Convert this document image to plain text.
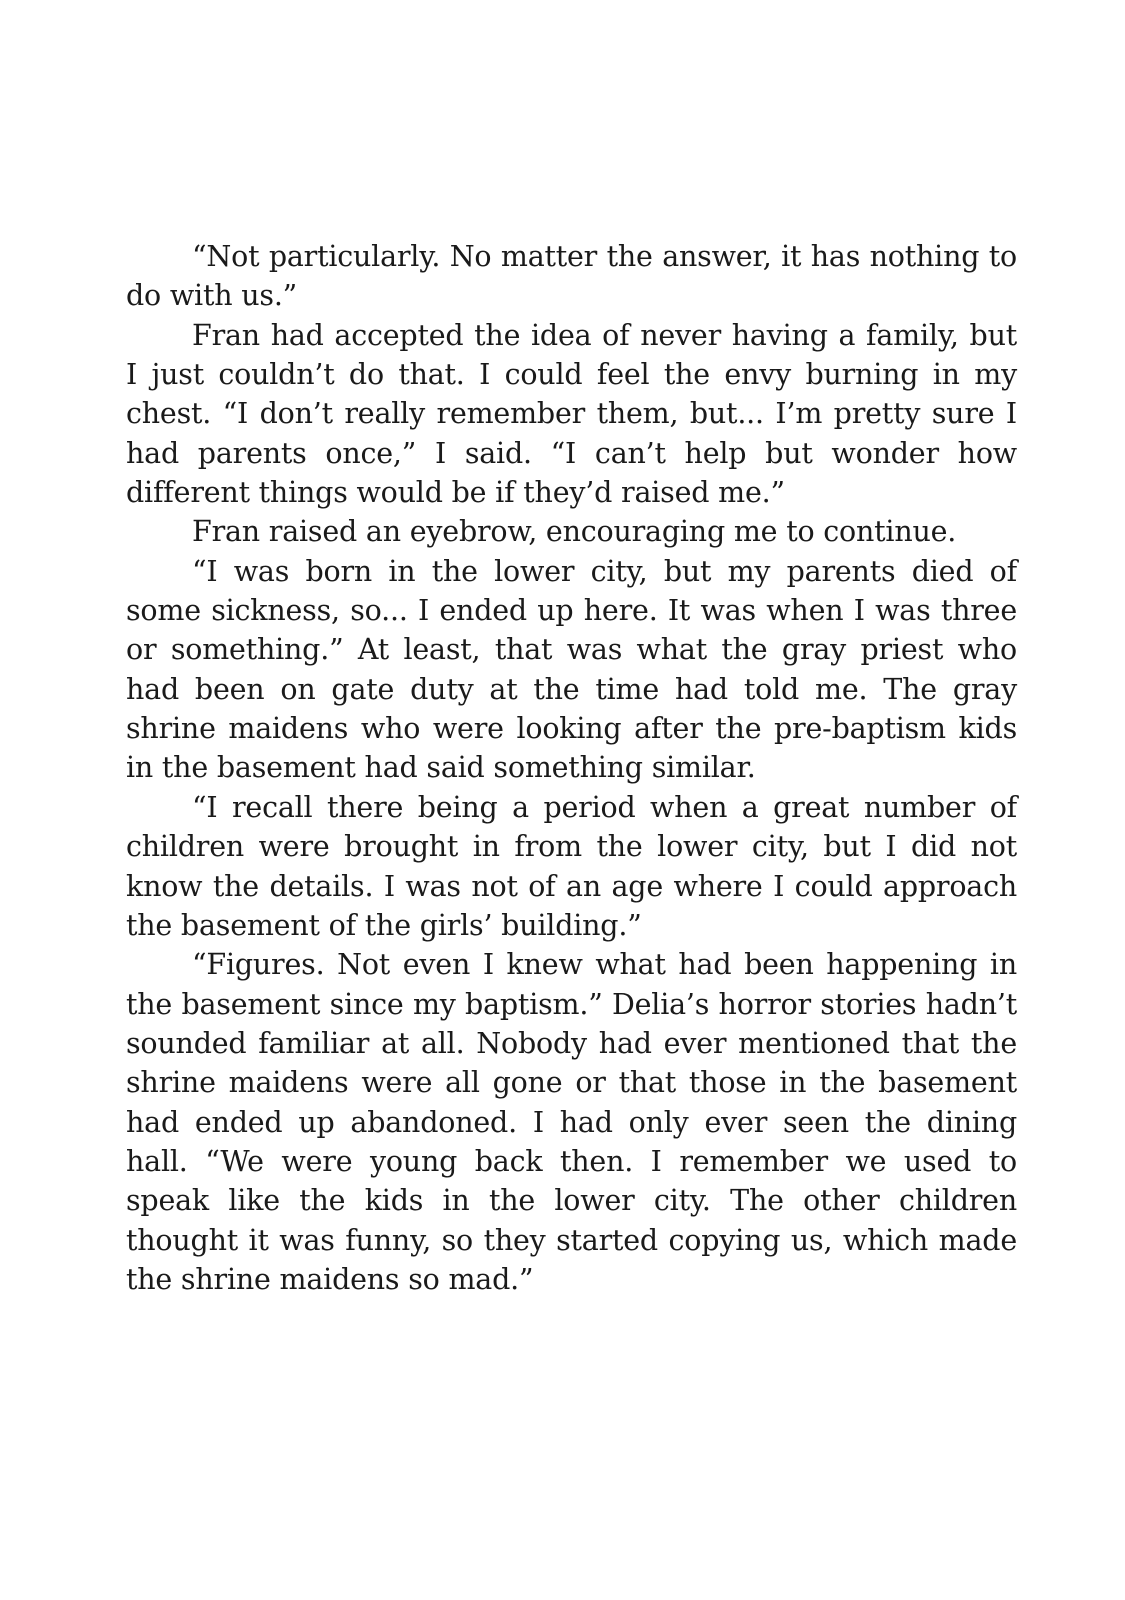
“Not particularly. No matter the answer, it has nothing to do with us.”

Fran had accepted the idea of never having a family, but I just couldn’t do that. I could feel the envy burning in my chest. “I don’t really remember them, but... I’m pretty sure I had parents once,” I said. “I can’t help but wonder how different things would be if they’d raised me.”

Fran raised an eyebrow, encouraging me to continue.

“I was born in the lower city, but my parents died of some sickness, so... I ended up here. It was when I was three or something.” At least, that was what the gray priest who had been on gate duty at the time had told me. The gray shrine maidens who were looking after the pre-baptism kids in the basement had said something similar.

“I recall there being a period when a great number of children were brought in from the lower city, but I did not know the details. I was not of an age where I could approach the basement of the girls’ building.”

“Figures. Not even I knew what had been happening in the basement since my baptism.” Delia’s horror stories hadn’t sounded familiar at all. Nobody had ever mentioned that the shrine maidens were all gone or that those in the basement had ended up abandoned. I had only ever seen the dining hall. “We were young back then. I remember we used to speak like the kids in the lower city. The other children thought it was funny, so they started copying us, which made the shrine maidens so mad.”
